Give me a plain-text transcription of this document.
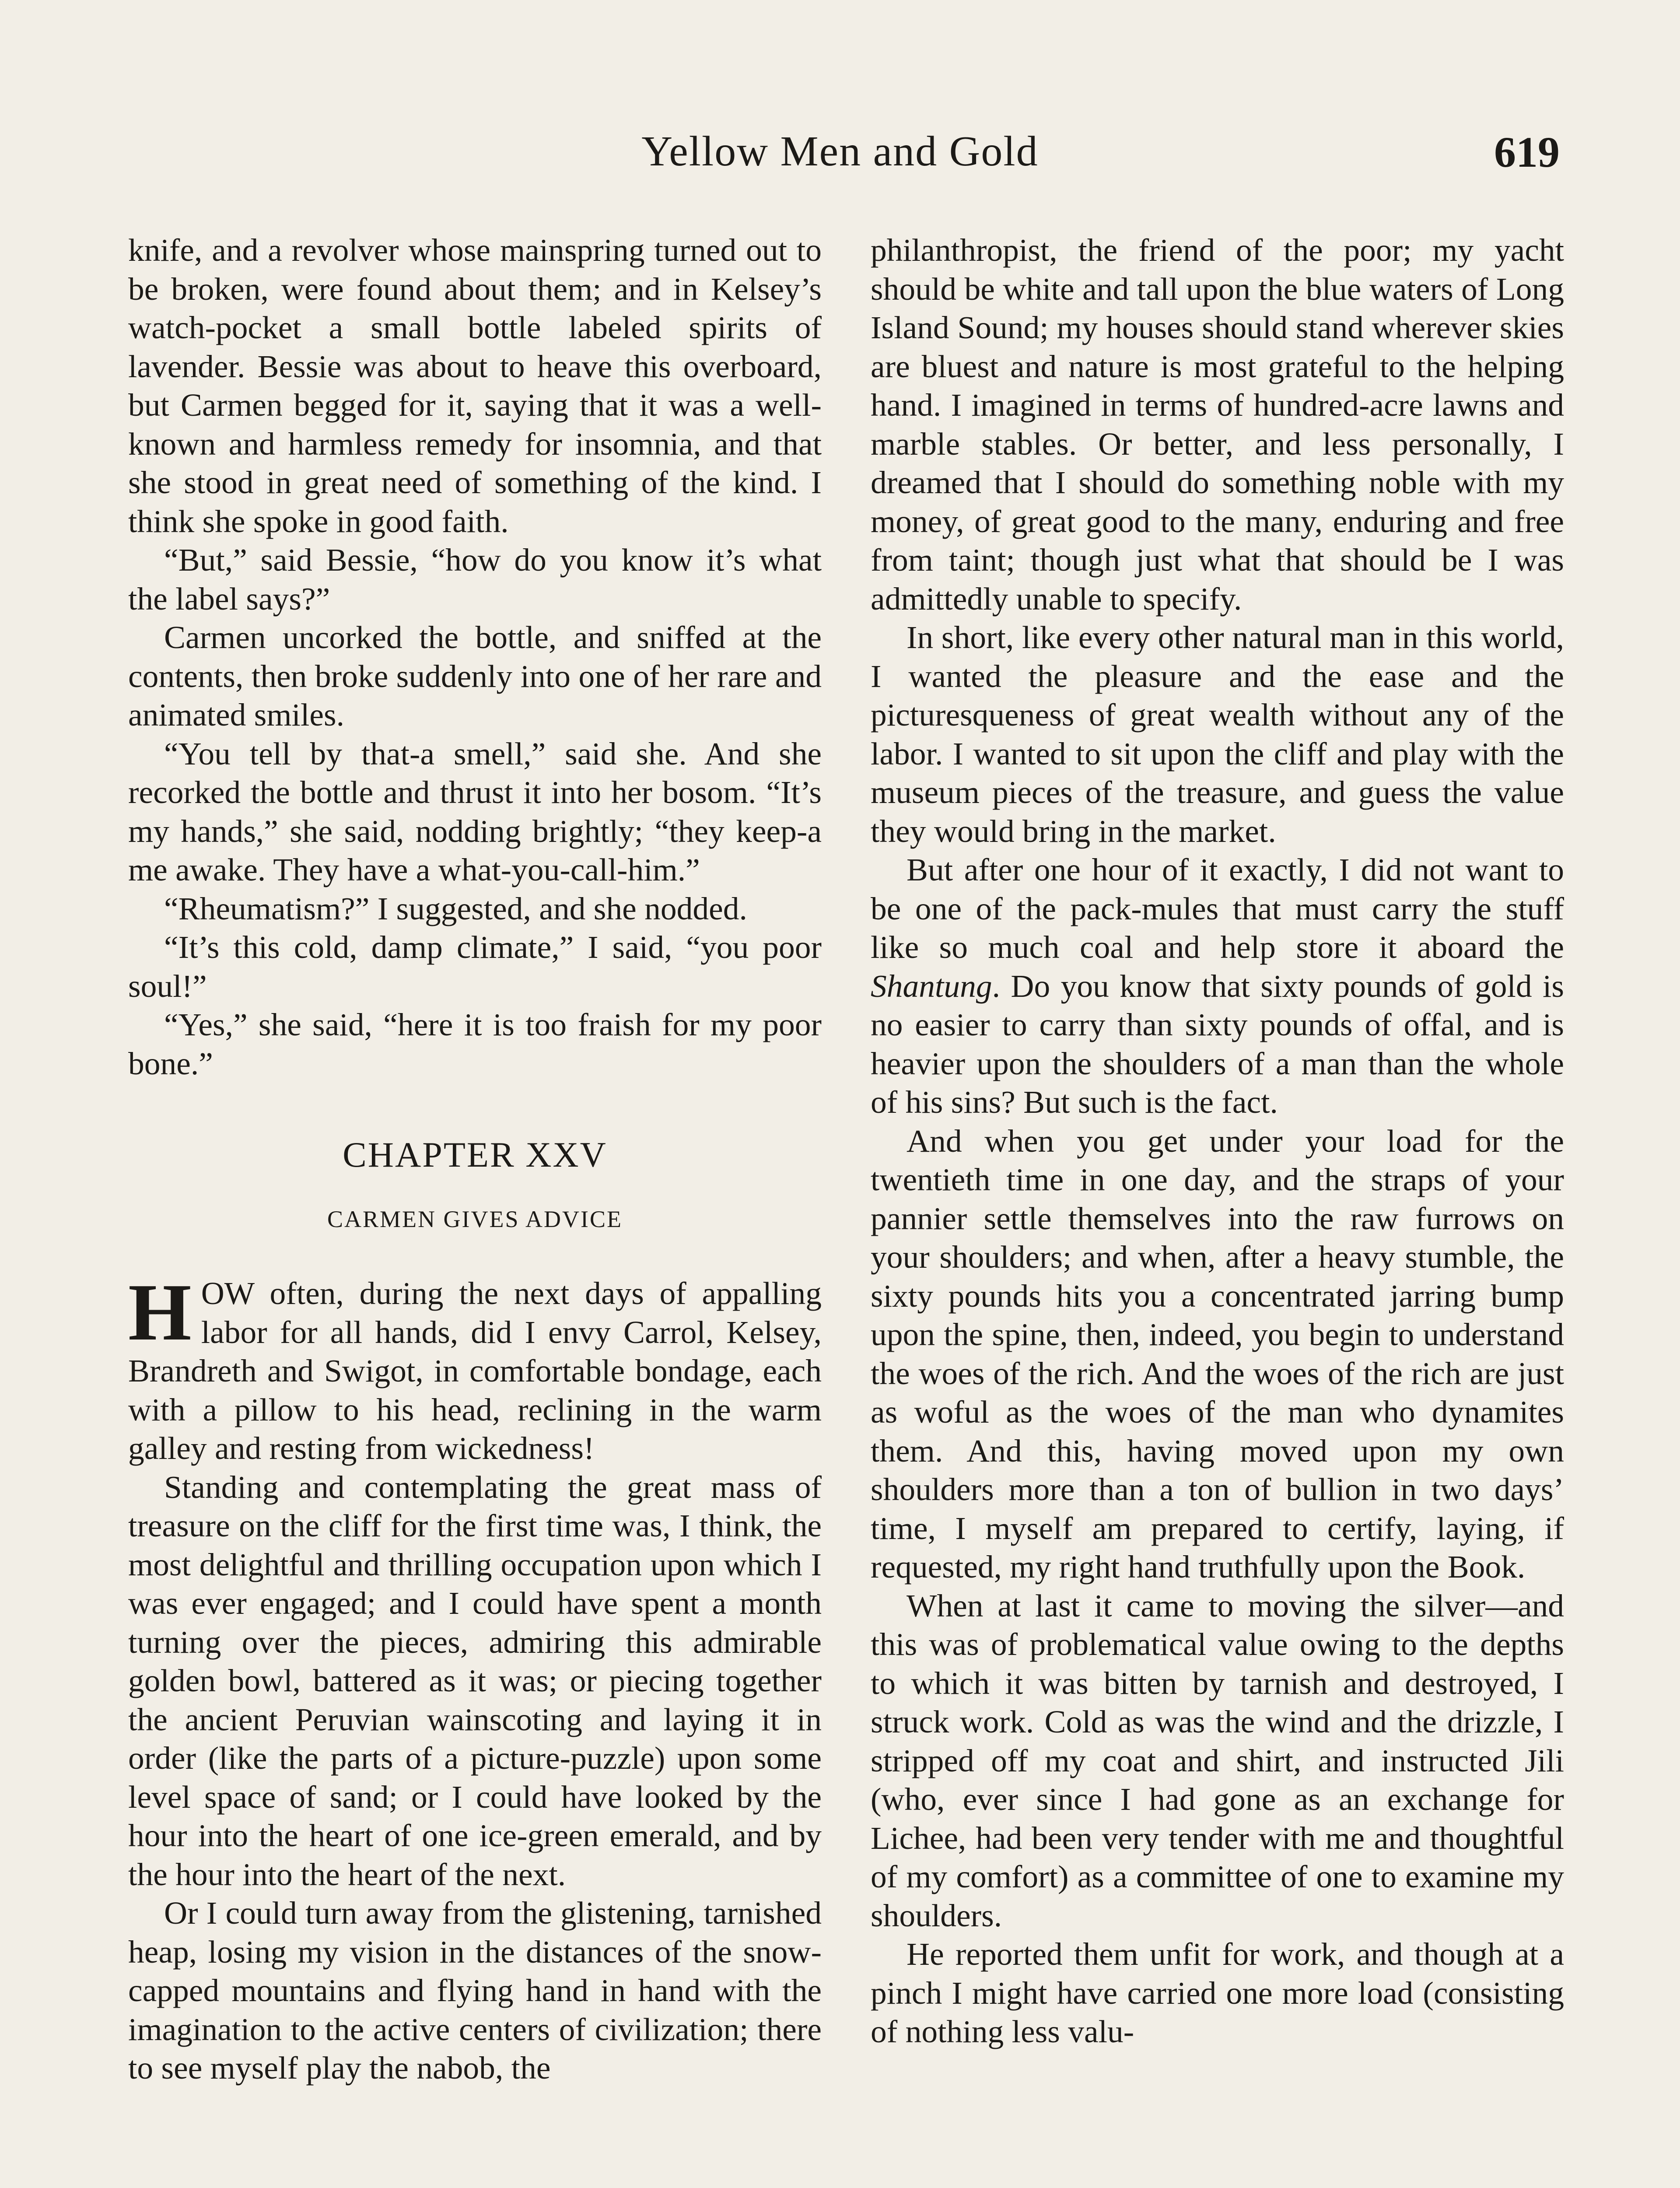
Yellow Men and Gold	619

knife, and a revolver whose mainspring turned out to be broken, were found about them; and in Kelsey’s watch-pocket a small bottle labeled spirits of lavender. Bessie was about to heave this overboard, but Carmen begged for it, saying that it was a well-known and harmless remedy for insomnia, and that she stood in great need of something of the kind. I think she spoke in good faith.

“But,” said Bessie, “how do you know it’s what the label says?”

Carmen uncorked the bottle, and sniffed at the contents, then broke suddenly into one of her rare and animated smiles.

“You tell by that-a smell,” said she. And she recorked the bottle and thrust it into her bosom. “It’s my hands,” she said, nodding brightly; “they keep-a me awake. They have a what-you-call-him.”

“Rheumatism?” I suggested, and she nodded.

“It’s this cold, damp climate,” I said, “you poor soul!”

“Yes,” she said, “here it is too fraish for my poor bone.”

CHAPTER XXV
CARMEN GIVES ADVICE

HOW often, during the next days of appalling labor for all hands, did I envy Carrol, Kelsey, Brandreth and Swigot, in comfortable bondage, each with a pillow to his head, reclining in the warm galley and resting from wickedness!

Standing and contemplating the great mass of treasure on the cliff for the first time was, I think, the most delightful and thrilling occupation upon which I was ever engaged; and I could have spent a month turning over the pieces, admiring this admirable golden bowl, battered as it was; or piecing together the ancient Peruvian wainscoting and laying it in order (like the parts of a picture-puzzle) upon some level space of sand; or I could have looked by the hour into the heart of one ice-green emerald, and by the hour into the heart of the next.

Or I could turn away from the glistening, tarnished heap, losing my vision in the distances of the snow-capped mountains and flying hand in hand with the imagination to the active centers of civilization; there to see myself play the nabob, the

philanthropist, the friend of the poor; my yacht should be white and tall upon the blue waters of Long Island Sound; my houses should stand wherever skies are bluest and nature is most grateful to the helping hand. I imagined in terms of hundred-acre lawns and marble stables. Or better, and less personally, I dreamed that I should do something noble with my money, of great good to the many, enduring and free from taint; though just what that should be I was admittedly unable to specify.

In short, like every other natural man in this world, I wanted the pleasure and the ease and the picturesqueness of great wealth without any of the labor. I wanted to sit upon the cliff and play with the museum pieces of the treasure, and guess the value they would bring in the market.

But after one hour of it exactly, I did not want to be one of the pack-mules that must carry the stuff like so much coal and help store it aboard the Shantung. Do you know that sixty pounds of gold is no easier to carry than sixty pounds of offal, and is heavier upon the shoulders of a man than the whole of his sins? But such is the fact.

And when you get under your load for the twentieth time in one day, and the straps of your pannier settle themselves into the raw furrows on your shoulders; and when, after a heavy stumble, the sixty pounds hits you a concentrated jarring bump upon the spine, then, indeed, you begin to understand the woes of the rich. And the woes of the rich are just as woful as the woes of the man who dynamites them. And this, having moved upon my own shoulders more than a ton of bullion in two days’ time, I myself am prepared to certify, laying, if requested, my right hand truthfully upon the Book.

When at last it came to moving the silver—and this was of problematical value owing to the depths to which it was bitten by tarnish and destroyed, I struck work. Cold as was the wind and the drizzle, I stripped off my coat and shirt, and instructed Jili (who, ever since I had gone as an exchange for Lichee, had been very tender with me and thoughtful of my comfort) as a committee of one to examine my shoulders.

He reported them unfit for work, and though at a pinch I might have carried one more load (consisting of nothing less valu-
